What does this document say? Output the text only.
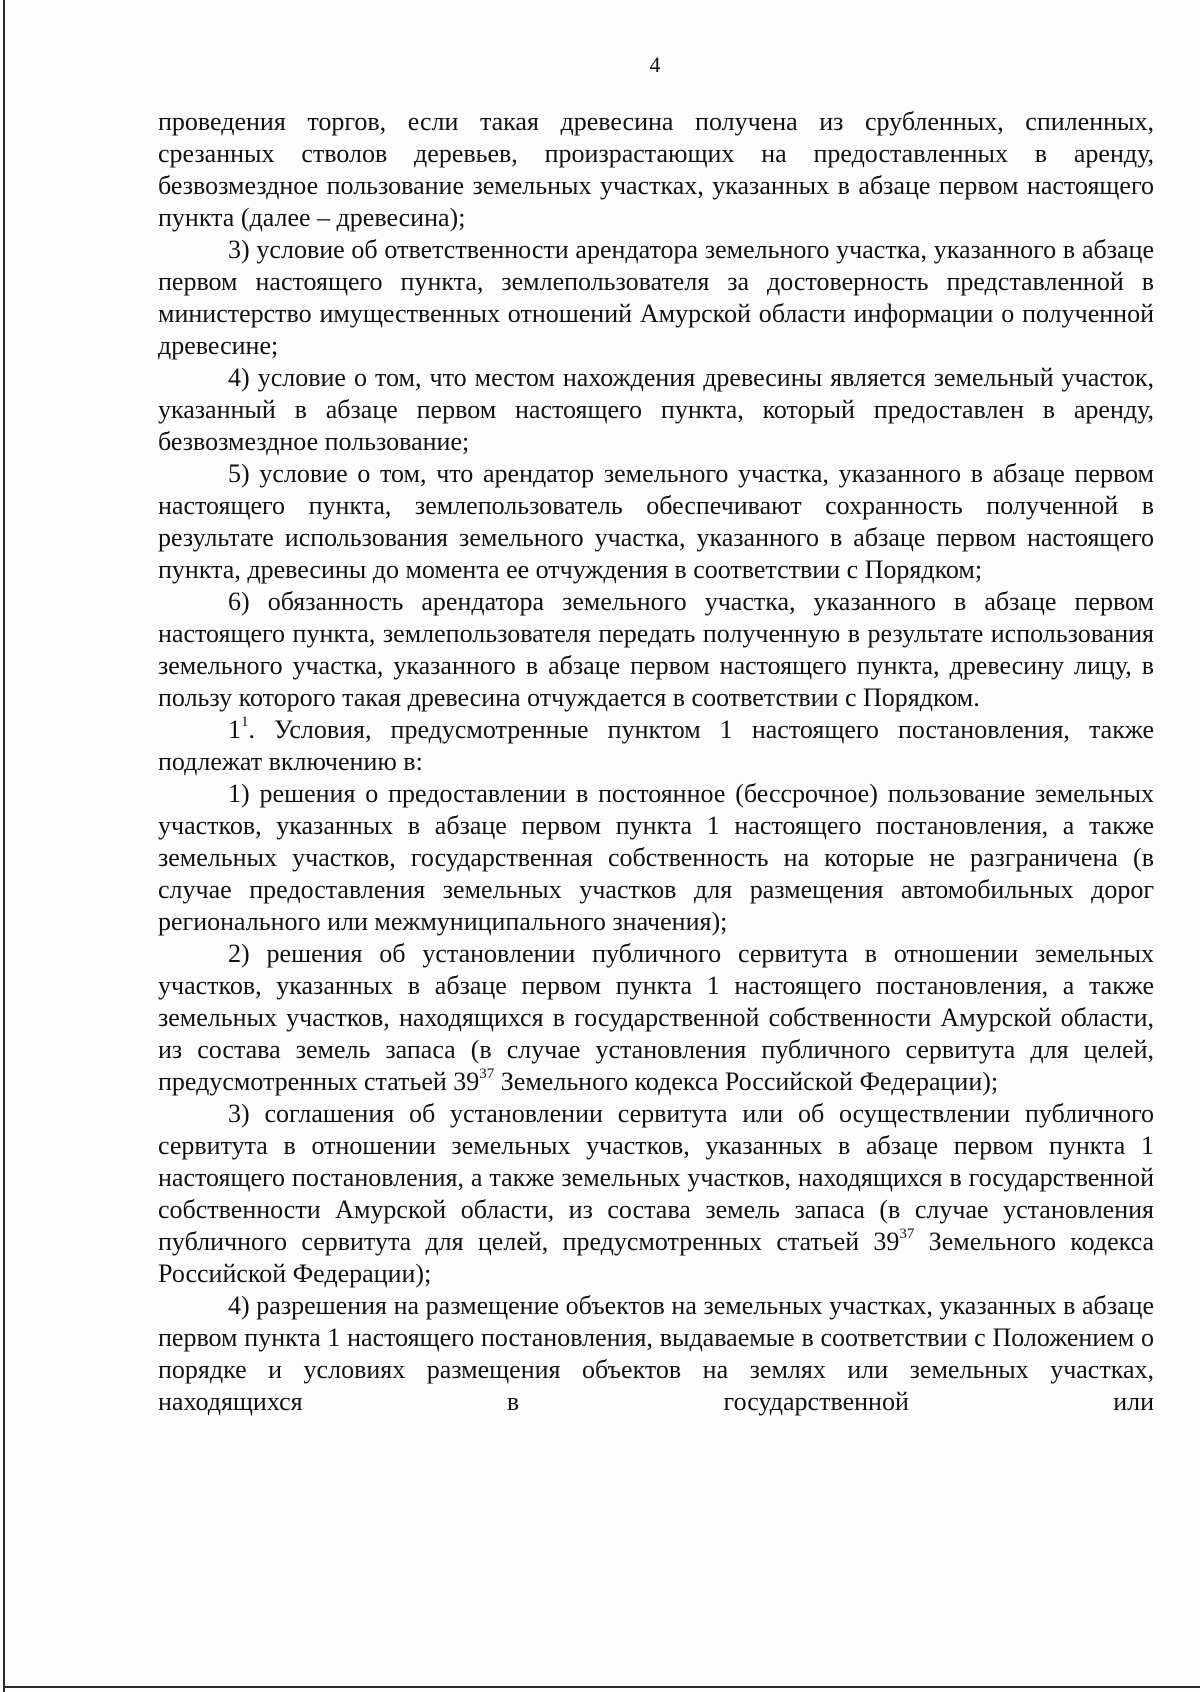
4

проведения торгов, если такая древесина получена из срубленных, спиленных, срезанных стволов деревьев, произрастающих на предоставленных в аренду, безвозмездное пользование земельных участках, указанных в абзаце первом настоящего пункта (далее – древесина);

3) условие об ответственности арендатора земельного участка, указанного в абзаце первом настоящего пункта, землепользователя за достоверность представленной в министерство имущественных отношений Амурской области информации о полученной древесине;

4) условие о том, что местом нахождения древесины является земельный участок, указанный в абзаце первом настоящего пункта, который предоставлен в аренду, безвозмездное пользование;

5) условие о том, что арендатор земельного участка, указанного в абзаце первом настоящего пункта, землепользователь обеспечивают сохранность полученной в результате использования земельного участка, указанного в абзаце первом настоящего пункта, древесины до момента ее отчуждения в соответствии с Порядком;

6) обязанность арендатора земельного участка, указанного в абзаце первом настоящего пункта, землепользователя передать полученную в результате использования земельного участка, указанного в абзаце первом настоящего пункта, древесину лицу, в пользу которого такая древесина отчуждается в соответствии с Порядком.

$1^1$. Условия, предусмотренные пунктом 1 настоящего постановления, также подлежат включению в:

1) решения о предоставлении в постоянное (бессрочное) пользование земельных участков, указанных в абзаце первом пункта 1 настоящего постановления, а также земельных участков, государственная собственность на которые не разграничена (в случае предоставления земельных участков для размещения автомобильных дорог регионального или межмуниципального значения);

2) решения об установлении публичного сервитута в отношении земельных участков, указанных в абзаце первом пункта 1 настоящего постановления, а также земельных участков, находящихся в государственной собственности Амурской области, из состава земель запаса (в случае установления публичного сервитута для целей, предусмотренных статьей $39^{37}$ Земельного кодекса Российской Федерации);

3) соглашения об установлении сервитута или об осуществлении публичного сервитута в отношении земельных участков, указанных в абзаце первом пункта 1 настоящего постановления, а также земельных участков, находящихся в государственной собственности Амурской области, из состава земель запаса (в случае установления публичного сервитута для целей, предусмотренных статьей $39^{37}$ Земельного кодекса Российской Федерации);

4) разрешения на размещение объектов на земельных участках, указанных в абзаце первом пункта 1 настоящего постановления, выдаваемые в соответствии с Положением о порядке и условиях размещения объектов на землях или земельных участках, находящихся в государственной или
